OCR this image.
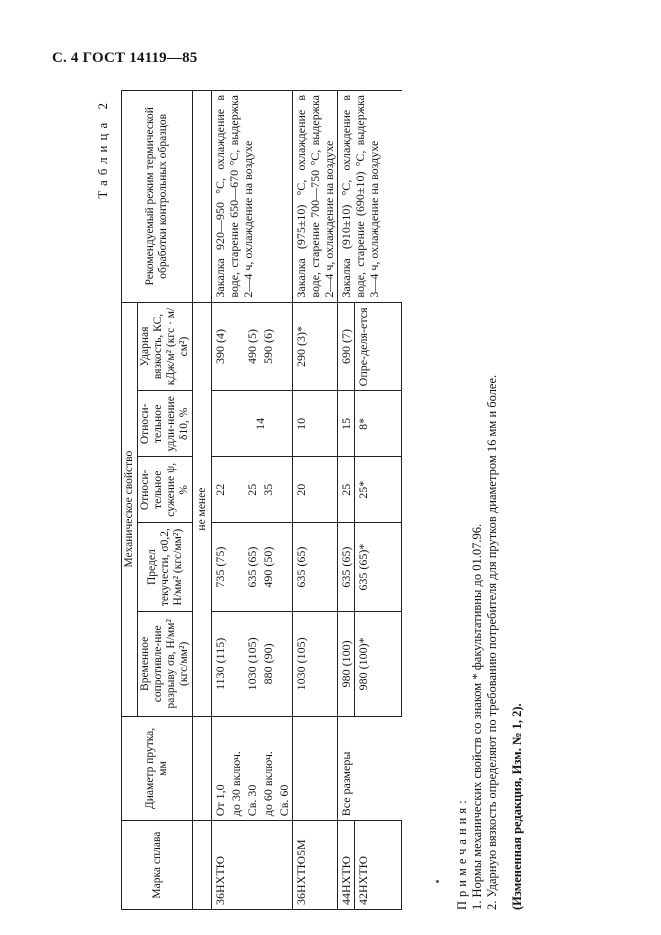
С. 4 ГОСТ 14119—85
Таблица 2
Марка сплава	Диаметр прутка, мм	Механическое свойство					Рекомендуемый режим термической обработки контрольных образцов
		Временное сопротивле-ние разрыву σв, Н/мм² (кгс/мм²)	Предел текучести, σ0,2, Н/мм² (кгс/мм²)	Относи-тельное сужение ψ, %	Относи-тельное удли-нение δ10, %	Ударная вязкость, КС, кДж/м² (кгс · м/см²)	
		не менее					
36НХТЮ	От 1,0	1130 (115)	735 (75)	22		390 (4)	Закалка 920—950 °С, охлаждение в воде, старение 650—670 °С, выдержка 2—4 ч, охлаждение на воздухе
	до 30 включ.						
	Св. 30	1030 (105)	635 (65)	25	14	490 (5)	
	до 60 включ.	880 (90)	490 (50)	35		590 (6)	
	Св. 60						
36НХТЮ5М		1030 (105)	635 (65)	20	10	290 (3)*	Закалка (975±10) °С, охлаждение в воде, старение 700—750 °С, выдержка 2—4 ч, охлаждение на воздухе
44НХТЮ	Все размеры	980 (100)	635 (65)	25	15	690 (7)	Закалка (910±10) °С, охлаждение в воде, старение (690±10) °С, выдержка 3—4 ч, охлаждение на воздухе
42НХТЮ		980 (100)*	635 (65)*	25*	8*	Опре-деля-ется	
Примечания: 1. Нормы механических свойств со знаком * факультативны до 01.07.96. 2. Ударную вязкость определяют по требованию потребителя для прутков диаметром 16 мм и более. (Измененная редакция, Изм. № 1, 2).
